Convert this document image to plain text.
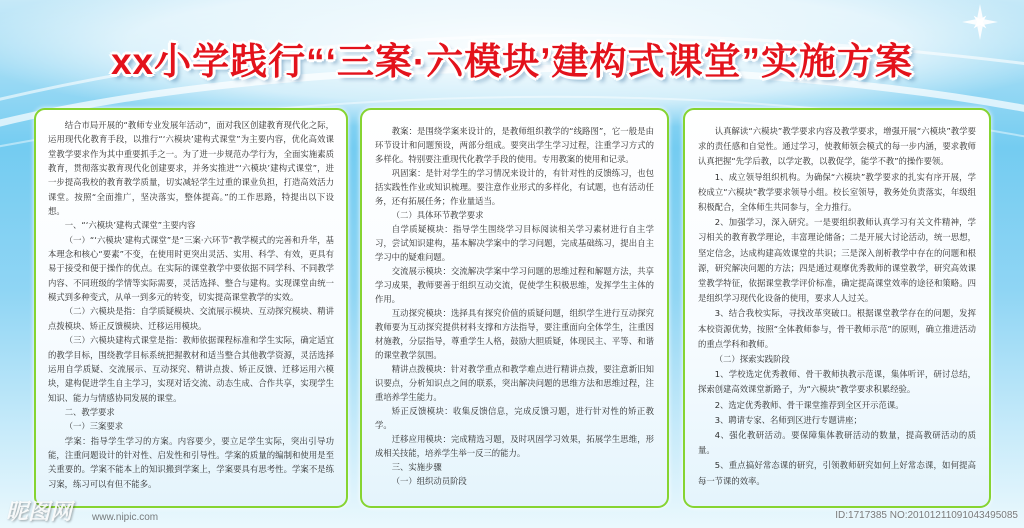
xx小学践行“‘三案·六模块’建构式课堂”实施方案

结合市局开展的“教师专业发展年活动”，面对我区创建教育现代化之际，运用现代化教育手段，以推行“‘六模块’建构式课堂”为主要内容，优化高效课堂教学要求作为其中重要抓手之一。为了进一步规范办学行为，全面实施素质教育，贯彻落实教育现代化创建要求，并务实推进“‘六模块’建构式课堂”，进一步提高我校的教育教学质量，切实减轻学生过重的课业负担，打造高效活力课堂。按照“全面推广，坚决落实，整体提高。”的工作思路，特提出以下设想。

一、“‘六模块’建构式课堂”主要内容

（一）“‘六模块’建构式课堂”是“三案·六环节”教学模式的完善和升华，基本理念和核心“要素”不变，在使用时更突出灵活、实用、科学、有效，更具有易于接受和便于操作的优点。在实际的课堂教学中要依据不同学科、不同教学内容、不同班级的学情等实际需要，灵活选择、整合与建构。实现课堂由统一模式到多种变式，从单一到多元的转变，切实提高课堂教学的实效。

（二）六模块是指：自学质疑模块、交流展示模块、互动探究模块、精讲点拨模块、矫正反馈模块、迁移运用模块。

（三）六模块建构式课堂是指：教师依据课程标准和学生实际，确定适宜的教学目标，围绕教学目标系统把握教材和适当整合其他教学资源，灵活选择运用自学质疑、交流展示、互动探究、精讲点拨、矫正反馈、迁移运用六模块，建构促进学生自主学习，实现对话交流、动态生成、合作共享，实现学生知识、能力与情感协同发展的课堂。

二、教学要求

（一）三案要求

学案：指导学生学习的方案。内容要少，要立足学生实际，突出引导功能，注重问题设计的针对性、启发性和引导性。学案的质量的编制和使用是至关重要的。学案不能本上的知识搬到学案上，学案要具有思考性。学案不是练习案，练习可以有但不能多。

教案：是围绕学案来设计的，是教师组织教学的“线路图”，它一般是由环节设计和问题预设，两部分组成。要突出学生学习过程，注重学习方式的多样化。特别要注重现代化教学手段的使用。专用教案的使用和记录。

巩固案：是针对学生的学习情况来设计的，有针对性的反馈练习，也包括实践性作业或知识梳理。要注意作业形式的多样化，有试题，也有活动任务，还有拓展任务；作业量适当。

（二）具体环节教学要求

自学质疑模块：指导学生围绕学习目标阅读相关学习素材进行自主学习，尝试知识建构，基本解决学案中的学习问题，完成基础练习，提出自主学习中的疑难问题。

交流展示模块：交流解决学案中学习问题的思维过程和解题方法，共享学习成果，教师要善于组织互动交流，促使学生积极思维，发挥学生主体的作用。

互动探究模块：选择具有探究价值的质疑问题，组织学生进行互动探究教师要为互动探究提供材料支撑和方法指导，要注重面向全体学生，注重因材施教，分层指导，尊重学生人格，鼓励大胆质疑，体现民主、平等、和谐的课堂教学氛围。

精讲点拨模块：针对教学重点和教学难点进行精讲点拨，要注意新旧知识要点，分析知识点之间的联系，突出解决问题的思维方法和思维过程，注重培养学生能力。

矫正反馈模块：收集反馈信息，完成反馈习题，进行针对性的矫正教学。

迁移应用模块：完成精选习题，及时巩固学习效果，拓展学生思维，形成相关技能，培养学生举一反三的能力。

三、实施步骤

（一）组织动员阶段

认真解读“六模块”教学要求内容及教学要求，增强开展“六模块”教学要求的责任感和自觉性。通过学习，使教师领会模式的每一步内涵，要求教师认真把握“先学后教，以学定教，以教促学，能学不教”的操作要领。

1、成立领导组织机构。为确保“六模块”教学要求的扎实有序开展，学校成立“六模块”教学要求领导小组。校长室领导，教务处负责落实，年级组积极配合，全体师生共同参与，全力推行。

2、加强学习，深入研究。一是要组织教师认真学习有关文件精神，学习相关的教育教学理论，丰富理论储备；二是开展大讨论活动，统一思想，坚定信念，达成构建高效课堂的共识；三是深入剖析教学中存在的问题和根源，研究解决问题的方法；四是通过观摩优秀教师的课堂教学，研究高效课堂教学特征，依据课堂教学评价标准，确定提高课堂效率的途径和策略。四是组织学习现代化设备的使用，要求人人过关。

3、结合我校实际，寻找改革突破口。根据课堂教学存在的问题，发挥本校资源优势，按照“全体教师参与，骨干教师示范”的原则，确立推进活动的重点学科和教师。

（二）探索实践阶段

1、学校选定优秀教师、骨干教师执教示范课，集体听评，研讨总结，探索创建高效课堂新路子，为“六模块”教学要求积累经验。

2、选定优秀教师、骨干课堂推荐到全区开示范课。

3、聘请专家、名师到区进行专题讲座；

4、强化教研活动。要保障集体教研活动的数量，提高教研活动的质量。

5、重点搞好常态课的研究，引领教师研究如何上好常态课，如何提高每一节课的效率。

昵图网 www.nipic.com	ID:1717385 NO:20101211091043495085
